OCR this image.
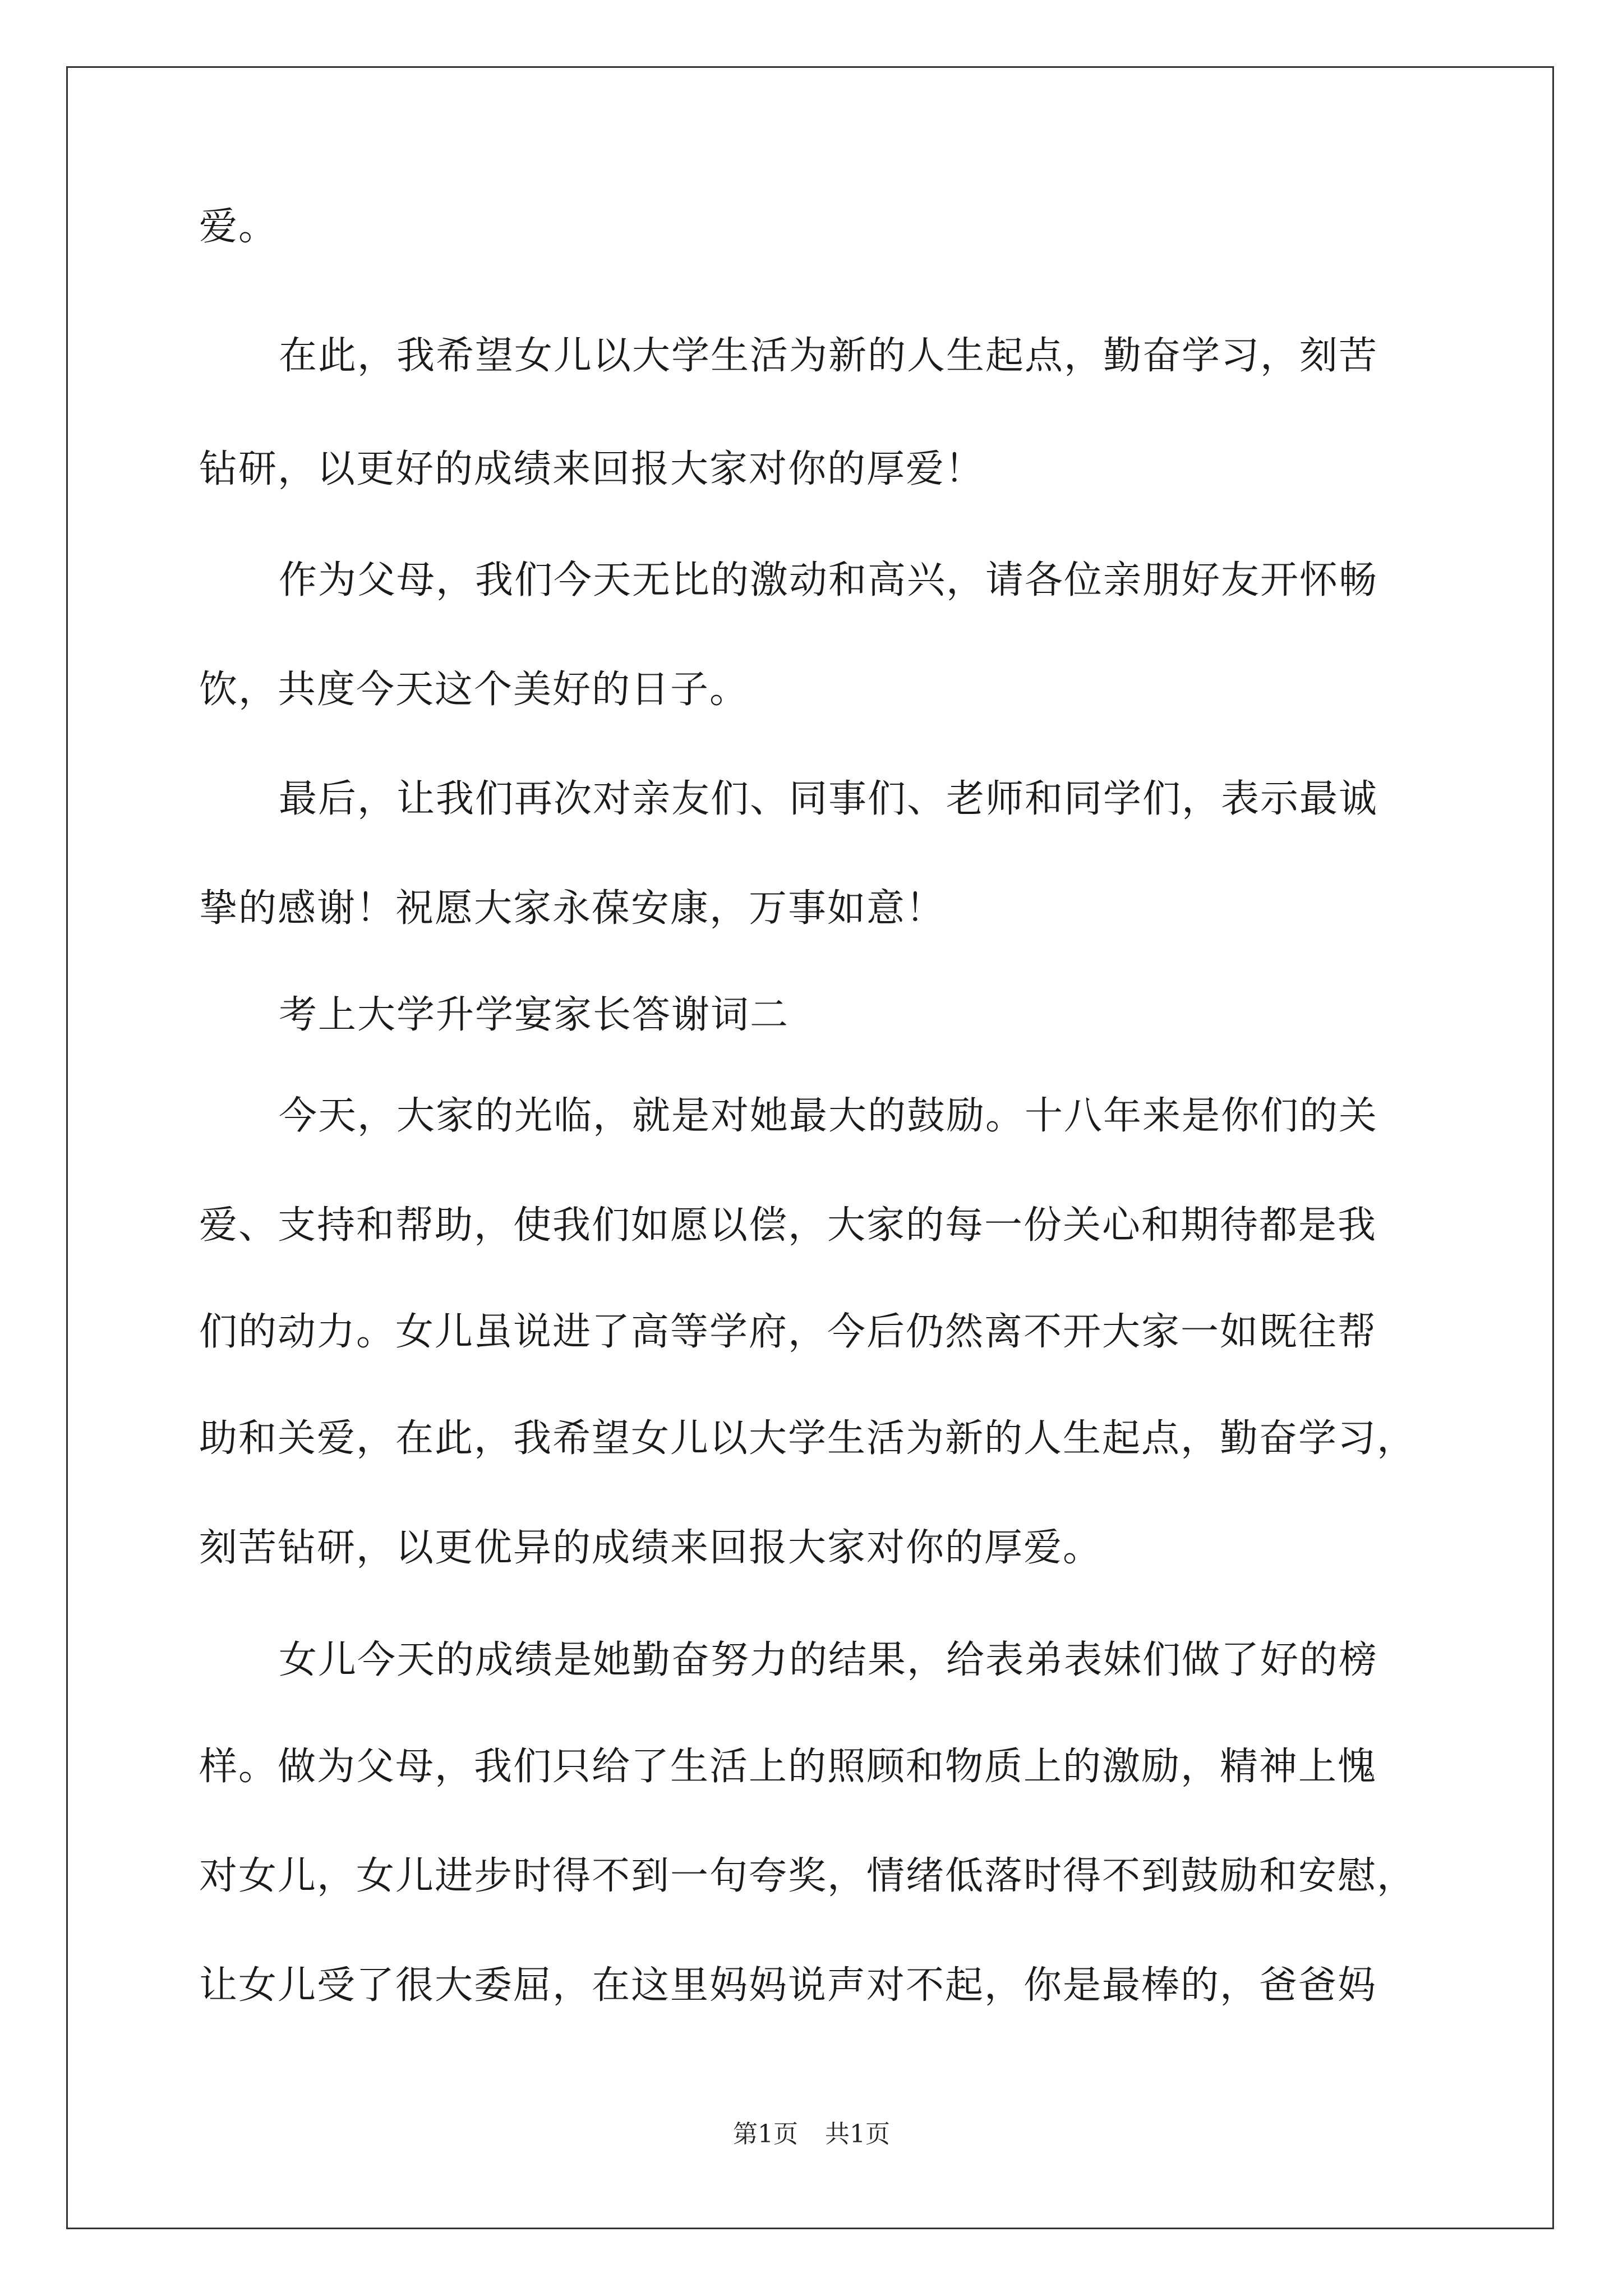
爱。
在此，我希望女儿以大学生活为新的人生起点，勤奋学习，刻苦
钻研，以更好的成绩来回报大家对你的厚爱！
作为父母，我们今天无比的激动和高兴，请各位亲朋好友开怀畅
饮，共度今天这个美好的日子。
最后，让我们再次对亲友们、同事们、老师和同学们，表示最诚
挚的感谢！祝愿大家永葆安康，万事如意！
考上大学升学宴家长答谢词二
今天，大家的光临，就是对她最大的鼓励。十八年来是你们的关
爱、支持和帮助，使我们如愿以偿，大家的每一份关心和期待都是我
们的动力。女儿虽说进了高等学府，今后仍然离不开大家一如既往帮
助和关爱，在此，我希望女儿以大学生活为新的人生起点，勤奋学习，
刻苦钻研，以更优异的成绩来回报大家对你的厚爱。
女儿今天的成绩是她勤奋努力的结果，给表弟表妹们做了好的榜
样。做为父母，我们只给了生活上的照顾和物质上的激励，精神上愧
对女儿，女儿进步时得不到一句夸奖，情绪低落时得不到鼓励和安慰，
让女儿受了很大委屈，在这里妈妈说声对不起，你是最棒的，爸爸妈
第1页 共1页
